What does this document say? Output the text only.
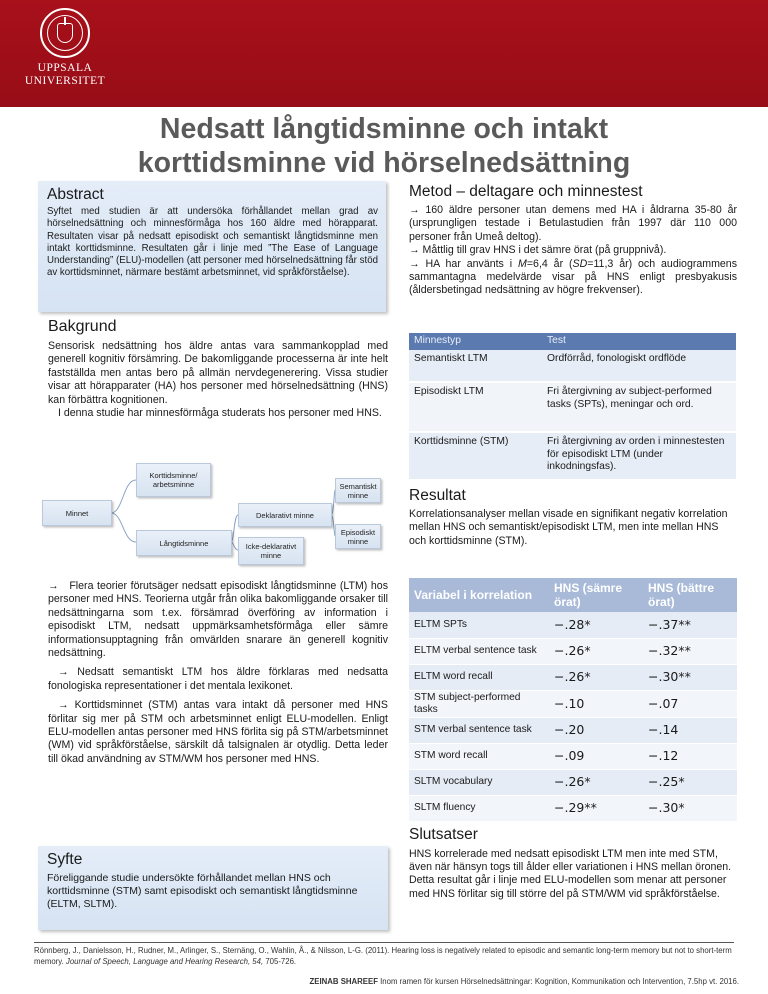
UPPSALA
UNIVERSITET
Nedsatt långtidsminne och intakt
korttidsminne vid hörselnedsättning
Abstract

Syftet med studien är att undersöka förhållandet mellan grad av hörselnedsättning och minnesförmåga hos 160 äldre med hörapparat. Resultaten visar på nedsatt episodiskt och semantiskt långtidsminne men intakt korttidsminne. Resultaten går i linje med ”The Ease of Language Understanding” (ELU)-modellen (att personer med hörselnedsättning får stöd av korttidsminnet, närmare bestämt arbetsminnet, vid språkförståelse).

Bakgrund

Sensorisk nedsättning hos äldre antas vara sammankopplad med generell kognitiv försämring. De bakomliggande processerna är inte helt fastställda men antas bero på allmän nervdegenerering. Vissa studier visar att hörapparater (HA) hos personer med hörselnedsättning (HNS) kan förbättra kognitionen.

I denna studie har minnesförmåga studerats hos personer med HNS.

Minnet
Korttidsminne/ arbetsminne
Långtidsminne
Deklarativt minne
Icke-deklarativt minne
Semantiskt minne
Episodiskt minne

→   Flera teorier förutsäger nedsatt episodiskt långtidsminne (LTM) hos personer med HNS. Teorierna utgår från olika bakomliggande orsaker till nedsättningarna som t.ex. försämrad överföring av information i episodiskt LTM, nedsatt uppmärksamhetsförmåga eller sämre informationsupptagning från omvärlden snarare än generell kognitiv nedsättning.

→ Nedsatt semantiskt LTM hos äldre förklaras med nedsatta fonologiska representationer i det mentala lexikonet.

→ Korttidsminnet (STM) antas vara intakt då personer med HNS förlitar sig mer på STM och arbetsminnet enligt ELU-modellen. Enligt ELU-modellen antas personer med HNS förlita sig på STM/arbetsminnet (WM) vid språkförståelse, särskilt då talsignalen är otydlig. Detta leder till ökad användning av STM/WM hos personer med HNS.

Syfte

Föreliggande studie undersökte förhållandet mellan HNS och korttidsminne (STM) samt episodiskt och semantiskt långtidsminne (ELTM, SLTM).

Metod – deltagare och minnestest

→ 160 äldre personer utan demens med HA i åldrarna 35-80 år (ursprungligen testade i Betulastudien från 1997 där 110 000 personer från Umeå deltog).

→ Måttlig till grav HNS i det sämre örat (på gruppnivå).

→ HA har använts i M=6,4 år (SD=11,3 år) och audiogrammens sammantagna medelvärde visar på HNS enligt presbyakusis (åldersbetingad nedsättning av högre frekvenser).

Minnestyp	Test
Semantiskt LTM	Ordförråd, fonologiskt ordflöde
Episodiskt LTM	Fri återgivning av subject-performed tasks (SPTs), meningar och ord.
Korttidsminne (STM)	Fri återgivning av orden i minnestesten för episodiskt LTM (under inkodningsfas).
Resultat

Korrelationsanalyser mellan visade en signifikant negativ korrelation mellan HNS och semantiskt/episodiskt LTM, men inte mellan HNS och korttidsminne (STM).

Variabel i korrelation	HNS (sämre örat)	HNS (bättre örat)
ELTM SPTs	−.28*	−.37**
ELTM verbal sentence task	−.26*	−.32**
ELTM word recall	−.26*	−.30**
STM subject-performed tasks	−.10	−.07
STM verbal sentence task	−.20	−.14
STM word recall	−.09	−.12
SLTM vocabulary	−.26*	−.25*
SLTM fluency	−.29**	−.30*
Slutsatser

HNS korrelerade med nedsatt episodiskt LTM men inte med STM, även när hänsyn togs till ålder eller variationen i HNS mellan öronen. Detta resultat går i linje med ELU-modellen som menar att personer med HNS förlitar sig till större del på STM/WM vid språkförståelse.

Rönnberg, J., Danielsson, H., Rudner, M., Arlinger, S., Sternäng, O., Wahlin, Å., & Nilsson, L-G. (2011). Hearing loss is negatively related to episodic and semantic long-term memory but not to short-term memory. Journal of Speech, Language and Hearing Research, 54, 705-726.
ZEINAB SHAREEF Inom ramen för kursen Hörselnedsättningar: Kognition, Kommunikation och Intervention, 7.5hp vt. 2016.
